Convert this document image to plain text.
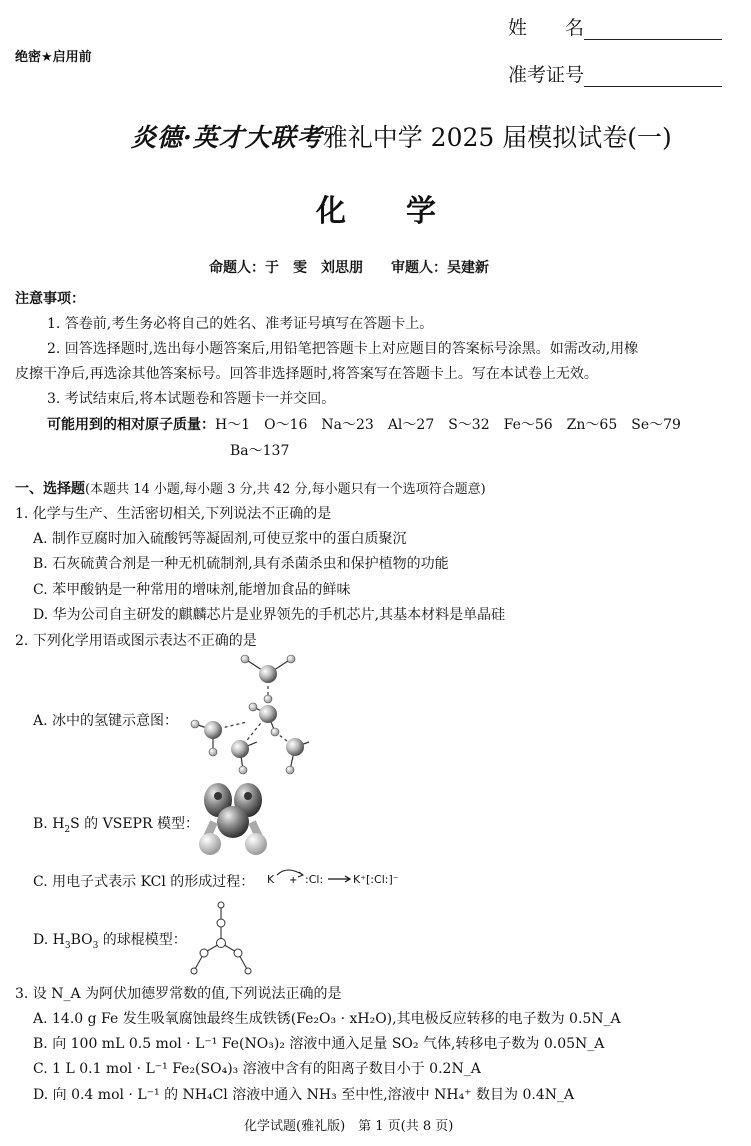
绝密★启用前
姓　　名
准考证号
炎德·英才大联考雅礼中学 2025 届模拟试卷(一)
化　　学
命题人：于　雯　刘思朋　　审题人：吴建新
注意事项：
1. 答卷前,考生务必将自己的姓名、准考证号填写在答题卡上。
2. 回答选择题时,选出每小题答案后,用铅笔把答题卡上对应题目的答案标号涂黑。如需改动,用橡
皮擦干净后,再选涂其他答案标号。回答非选择题时,将答案写在答题卡上。写在本试卷上无效。
3. 考试结束后,将本试题卷和答题卡一并交回。
可能用到的相对原子质量：H～1　O～16　Na～23　Al～27　S～32　Fe～56　Zn～65　Se～79
Ba～137
一、选择题(本题共 14 小题,每小题 3 分,共 42 分,每小题只有一个选项符合题意)
1. 化学与生产、生活密切相关,下列说法不正确的是
A. 制作豆腐时加入硫酸钙等凝固剂,可使豆浆中的蛋白质聚沉
B. 石灰硫黄合剂是一种无机硫制剂,具有杀菌杀虫和保护植物的功能
C. 苯甲酸钠是一种常用的增味剂,能增加食品的鲜味
D. 华为公司自主研发的麒麟芯片是业界领先的手机芯片,其基本材料是单晶硅
2. 下列化学用语或图示表达不正确的是
A. 冰中的氢键示意图：
B. $H_2S$ 的 VSEPR 模型：
C. 用电子式表示 KCl 的形成过程： K	:Cl:	K⁺[:Cl:]⁻
+
D. $H_3BO_3$ 的球棍模型：
3. 设 N_A 为阿伏加德罗常数的值,下列说法正确的是
A. 14.0 g Fe 发生吸氧腐蚀最终生成铁锈(Fe₂O₃ · xH₂O),其电极反应转移的电子数为 0.5N_A
B. 向 100 mL 0.5 mol · L⁻¹ Fe(NO₃)₂ 溶液中通入足量 SO₂ 气体,转移电子数为 0.05N_A
C. 1 L 0.1 mol · L⁻¹ Fe₂(SO₄)₃ 溶液中含有的阳离子数目小于 0.2N_A
D. 向 0.4 mol · L⁻¹ 的 NH₄Cl 溶液中通入 NH₃ 至中性,溶液中 NH₄⁺ 数目为 0.4N_A
化学试题(雅礼版)　第 1 页(共 8 页)
